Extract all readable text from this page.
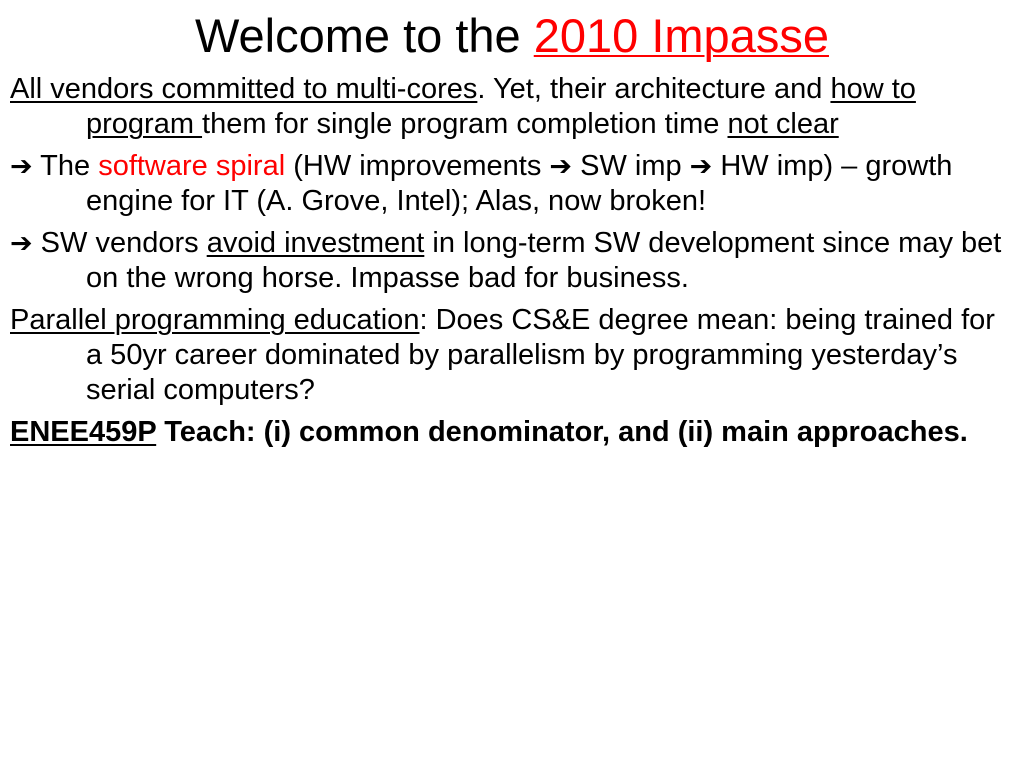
Welcome to the 2010 Impasse

All vendors committed to multi-cores. Yet, their architecture and how to program them for single program completion time not clear

➔ The software spiral (HW improvements ➔ SW imp ➔ HW imp) – growth engine for IT (A. Grove, Intel); Alas, now broken!

➔ SW vendors avoid investment in long-term SW development since may bet on the wrong horse. Impasse bad for business.

Parallel programming education: Does CS&E degree mean: being trained for a 50yr career dominated by parallelism by programming yesterday’s serial computers?

ENEE459P Teach: (i) common denominator, and (ii) main approaches.
